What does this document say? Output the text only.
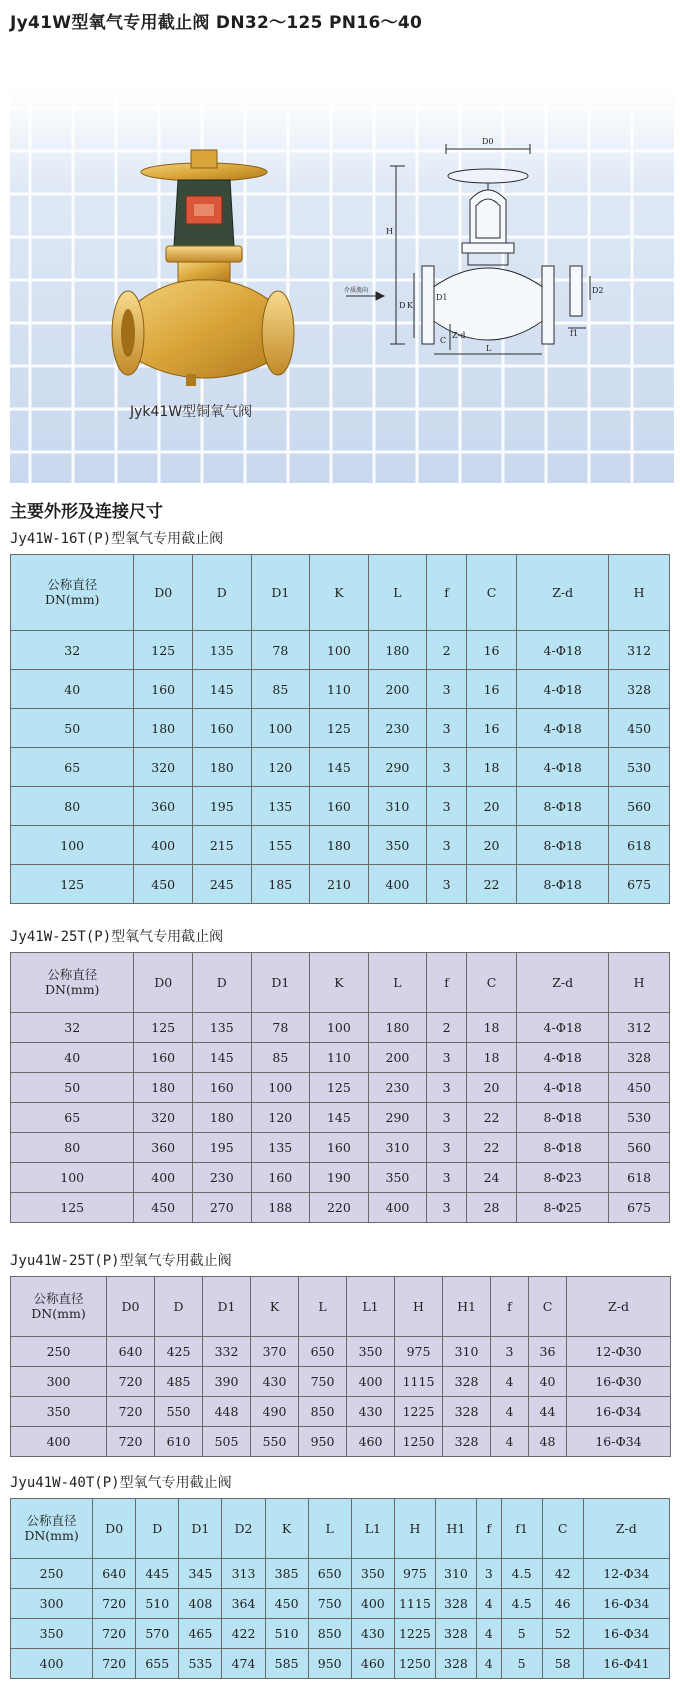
Jy41W型氧气专用截止阀 DN32～125 PN16～40
D0
H
D K
D1
D2
f1
C
Z-d
L
介质流向
Jyk41W型铜氧气阀
主要外形及连接尺寸
Jy41W-16T(P)型氧气专用截止阀
公称直径
DN(mm)	D0	D	D1	K	L	f	C	Z-d	H
32	125	135	78	100	180	2	16	4-Φ18	312
40	160	145	85	110	200	3	16	4-Φ18	328
50	180	160	100	125	230	3	16	4-Φ18	450
65	320	180	120	145	290	3	18	4-Φ18	530
80	360	195	135	160	310	3	20	8-Φ18	560
100	400	215	155	180	350	3	20	8-Φ18	618
125	450	245	185	210	400	3	22	8-Φ18	675
Jy41W-25T(P)型氧气专用截止阀
公称直径
DN(mm)	D0	D	D1	K	L	f	C	Z-d	H
32	125	135	78	100	180	2	18	4-Φ18	312
40	160	145	85	110	200	3	18	4-Φ18	328
50	180	160	100	125	230	3	20	4-Φ18	450
65	320	180	120	145	290	3	22	8-Φ18	530
80	360	195	135	160	310	3	22	8-Φ18	560
100	400	230	160	190	350	3	24	8-Φ23	618
125	450	270	188	220	400	3	28	8-Φ25	675
Jyu41W-25T(P)型氧气专用截止阀
公称直径
DN(mm)	D0	D	D1	K	L	L1	H	H1	f	C	Z-d
250	640	425	332	370	650	350	975	310	3	36	12-Φ30
300	720	485	390	430	750	400	1115	328	4	40	16-Φ30
350	720	550	448	490	850	430	1225	328	4	44	16-Φ34
400	720	610	505	550	950	460	1250	328	4	48	16-Φ34
Jyu41W-40T(P)型氧气专用截止阀
公称直径
DN(mm)	D0	D	D1	D2	K	L	L1	H	H1	f	f1	C	Z-d
250	640	445	345	313	385	650	350	975	310	3	4.5	42	12-Φ34
300	720	510	408	364	450	750	400	1115	328	4	4.5	46	16-Φ34
350	720	570	465	422	510	850	430	1225	328	4	5	52	16-Φ34
400	720	655	535	474	585	950	460	1250	328	4	5	58	16-Φ41
